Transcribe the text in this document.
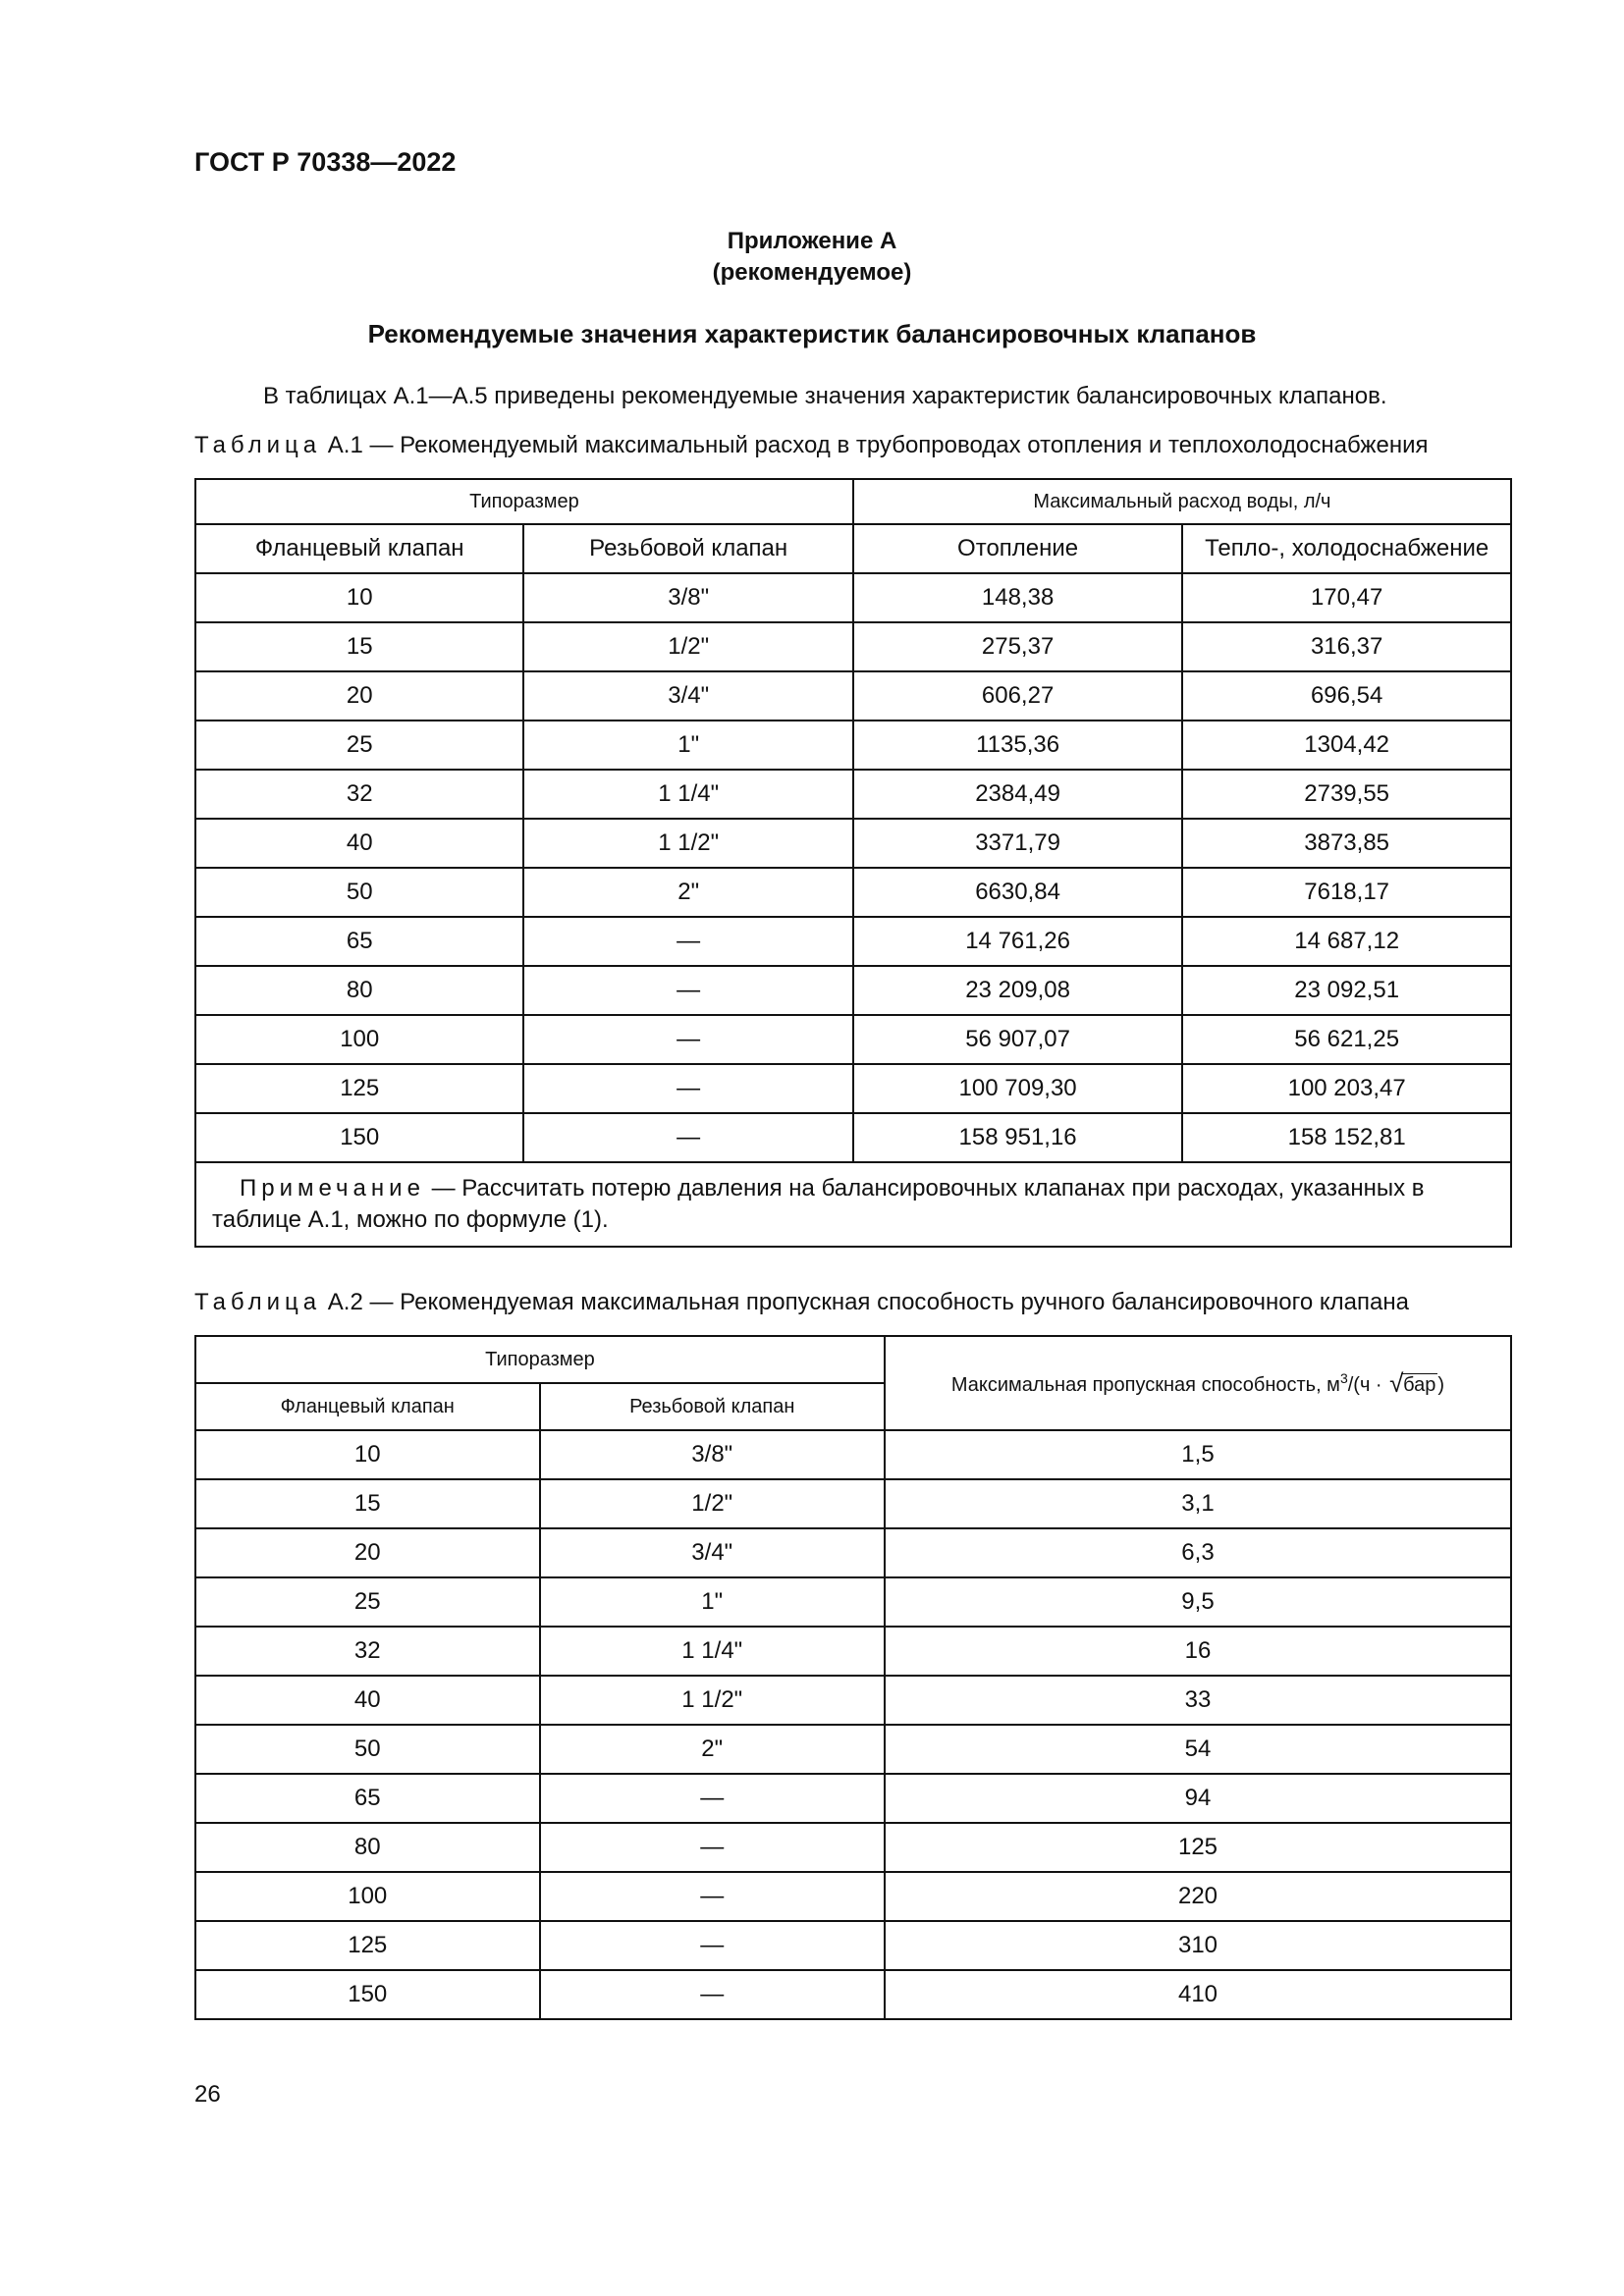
ГОСТ Р 70338—2022
Приложение А
(рекомендуемое)
Рекомендуемые значения характеристик балансировочных клапанов
В таблицах А.1—А.5 приведены рекомендуемые значения характеристик балансировочных клапанов.
Таблица А.1 — Рекомендуемый максимальный расход в трубопроводах отопления и теплохолодоснабжения
Типоразмер		Максимальный расход воды, л/ч	
Фланцевый клапан	Резьбовой клапан	Отопление	Тепло-, холодоснабжение
10	3/8"	148,38	170,47
15	1/2"	275,37	316,37
20	3/4"	606,27	696,54
25	1"	1135,36	1304,42
32	1 1/4"	2384,49	2739,55
40	1 1/2"	3371,79	3873,85
50	2"	6630,84	7618,17
65	—	14 761,26	14 687,12
80	—	23 209,08	23 092,51
100	—	56 907,07	56 621,25
125	—	100 709,30	100 203,47
150	—	158 951,16	158 152,81
Примечание — Рассчитать потерю давления на балансировочных клапанах при расходах, указанных в таблице А.1, можно по формуле (1).			
Таблица А.2 — Рекомендуемая максимальная пропускная способность ручного балансировочного клапана
Типоразмер		Максимальная пропускная способность, $м^3/(ч$ · √ бар )
Фланцевый клапан	Резьбовой клапан	
10	3/8"	1,5
15	1/2"	3,1
20	3/4"	6,3
25	1"	9,5
32	1 1/4"	16
40	1 1/2"	33
50	2"	54
65	—	94
80	—	125
100	—	220
125	—	310
150	—	410
26
